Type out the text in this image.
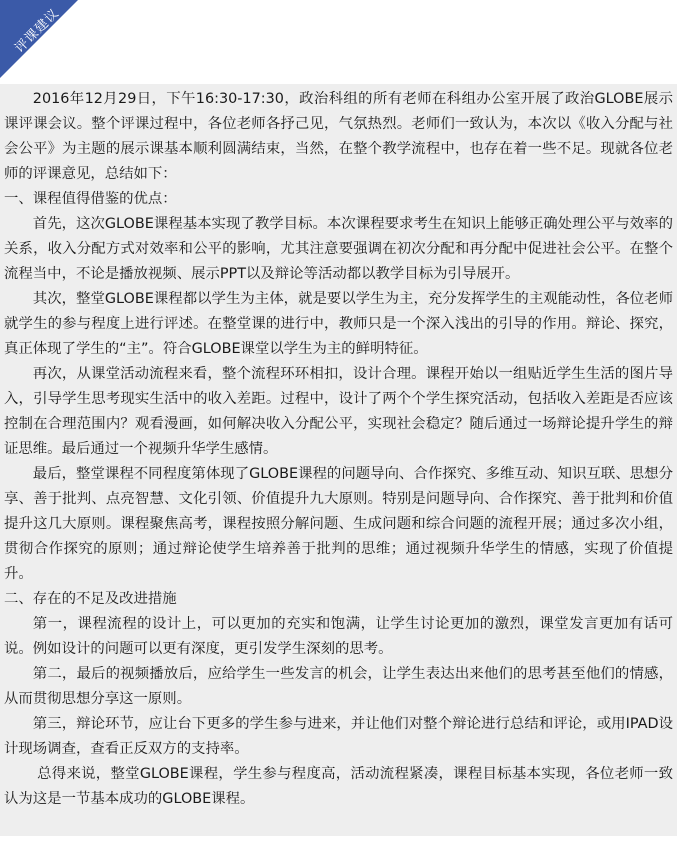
评课建议

2016年12月29日，下午16:30-17:30，政治科组的所有老师在科组办公室开展了政治GLOBE展示课评课会议。整个评课过程中，各位老师各抒己见，气氛热烈。老师们一致认为，本次以《收入分配与社会公平》为主题的展示课基本顺利圆满结束，当然，在整个教学流程中，也存在着一些不足。现就各位老师的评课意见，总结如下：

一、课程值得借鉴的优点：

首先，这次GLOBE课程基本实现了教学目标。本次课程要求考生在知识上能够正确处理公平与效率的关系，收入分配方式对效率和公平的影响，尤其注意要强调在初次分配和再分配中促进社会公平。在整个流程当中，不论是播放视频、展示PPT以及辩论等活动都以教学目标为引导展开。

其次，整堂GLOBE课程都以学生为主体，就是要以学生为主，充分发挥学生的主观能动性，各位老师就学生的参与程度上进行评述。在整堂课的进行中，教师只是一个深入浅出的引导的作用。辩论、探究，真正体现了学生的“主”。符合GLOBE课堂以学生为主的鲜明特征。

再次，从课堂活动流程来看，整个流程环环相扣，设计合理。课程开始以一组贴近学生生活的图片导入，引导学生思考现实生活中的收入差距。过程中，设计了两个个学生探究活动，包括收入差距是否应该控制在合理范围内？观看漫画，如何解决收入分配公平，实现社会稳定？随后通过一场辩论提升学生的辩证思维。最后通过一个视频升华学生感情。

最后，整堂课程不同程度第体现了GLOBE课程的问题导向、合作探究、多维互动、知识互联、思想分享、善于批判、点亮智慧、文化引领、价值提升九大原则。特别是问题导向、合作探究、善于批判和价值提升这几大原则。课程聚焦高考，课程按照分解问题、生成问题和综合问题的流程开展；通过多次小组，贯彻合作探究的原则；通过辩论使学生培养善于批判的思维；通过视频升华学生的情感，实现了价值提升。

二、存在的不足及改进措施

第一，课程流程的设计上，可以更加的充实和饱满，让学生讨论更加的激烈，课堂发言更加有话可说。例如设计的问题可以更有深度，更引发学生深刻的思考。

第二，最后的视频播放后，应给学生一些发言的机会，让学生表达出来他们的思考甚至他们的情感，从而贯彻思想分享这一原则。

第三，辩论环节，应让台下更多的学生参与进来，并让他们对整个辩论进行总结和评论，或用IPAD设计现场调查，查看正反双方的支持率。

总得来说，整堂GLOBE课程，学生参与程度高，活动流程紧凑，课程目标基本实现，各位老师一致认为这是一节基本成功的GLOBE课程。
